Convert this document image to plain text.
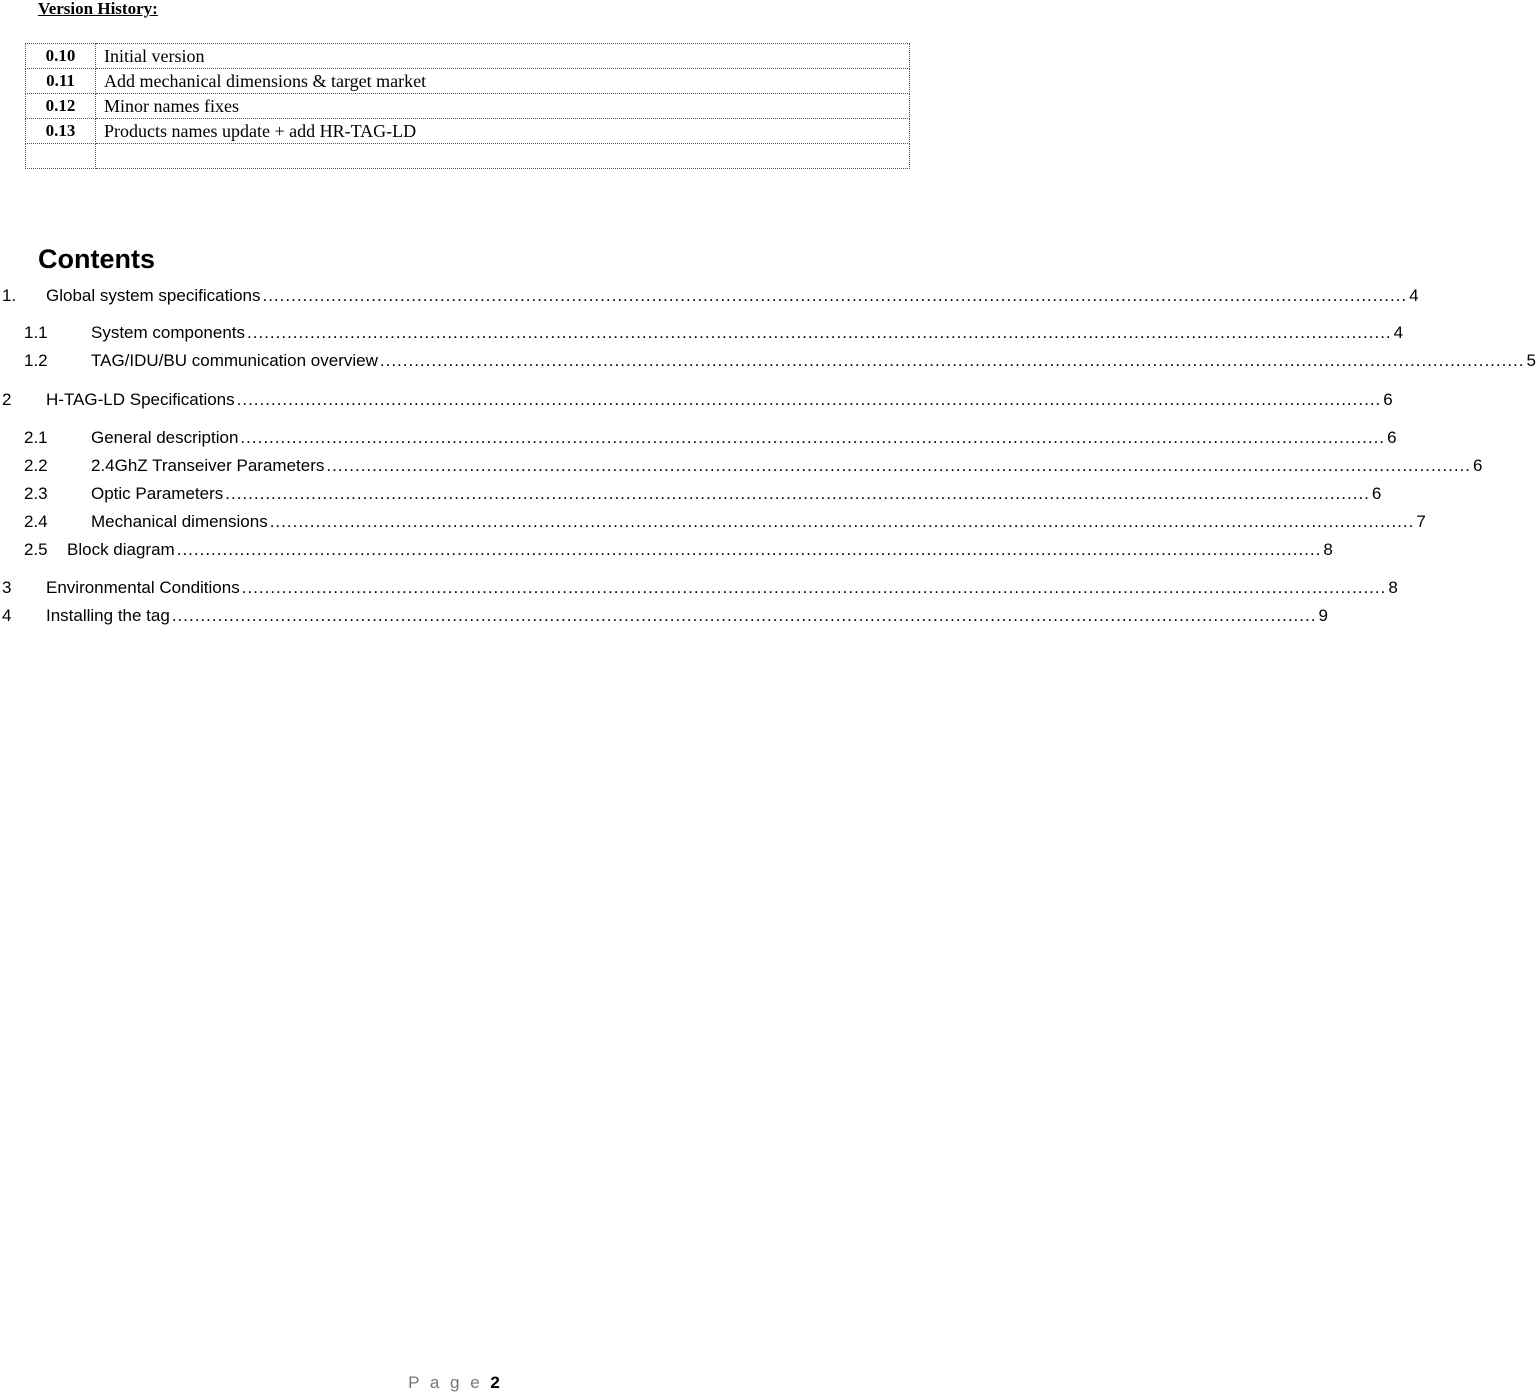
Version History:
0.10	Initial version
0.11	Add mechanical dimensions & target market
0.12	Minor names fixes
0.13	Products names update + add HR-TAG-LD

Contents
1. Global system specifications ........................................................................................................................................................................................................ 4
1.1	System components ........................................................................................................................................................................................................ 4
1.2	TAG/IDU/BU communication overview ........................................................................................................................................................................................................ 5
2 H-TAG-LD Specifications ........................................................................................................................................................................................................ 6
2.1	General description ........................................................................................................................................................................................................ 6
2.2	2.4GhZ Transeiver Parameters ........................................................................................................................................................................................................ 6
2.3	Optic Parameters ........................................................................................................................................................................................................ 6
2.4	Mechanical dimensions ........................................................................................................................................................................................................ 7
2.5 Block diagram ........................................................................................................................................................................................................ 8
3 Environmental Conditions ........................................................................................................................................................................................................ 8
4 Installing the tag ........................................................................................................................................................................................................ 9
P a g e 2
